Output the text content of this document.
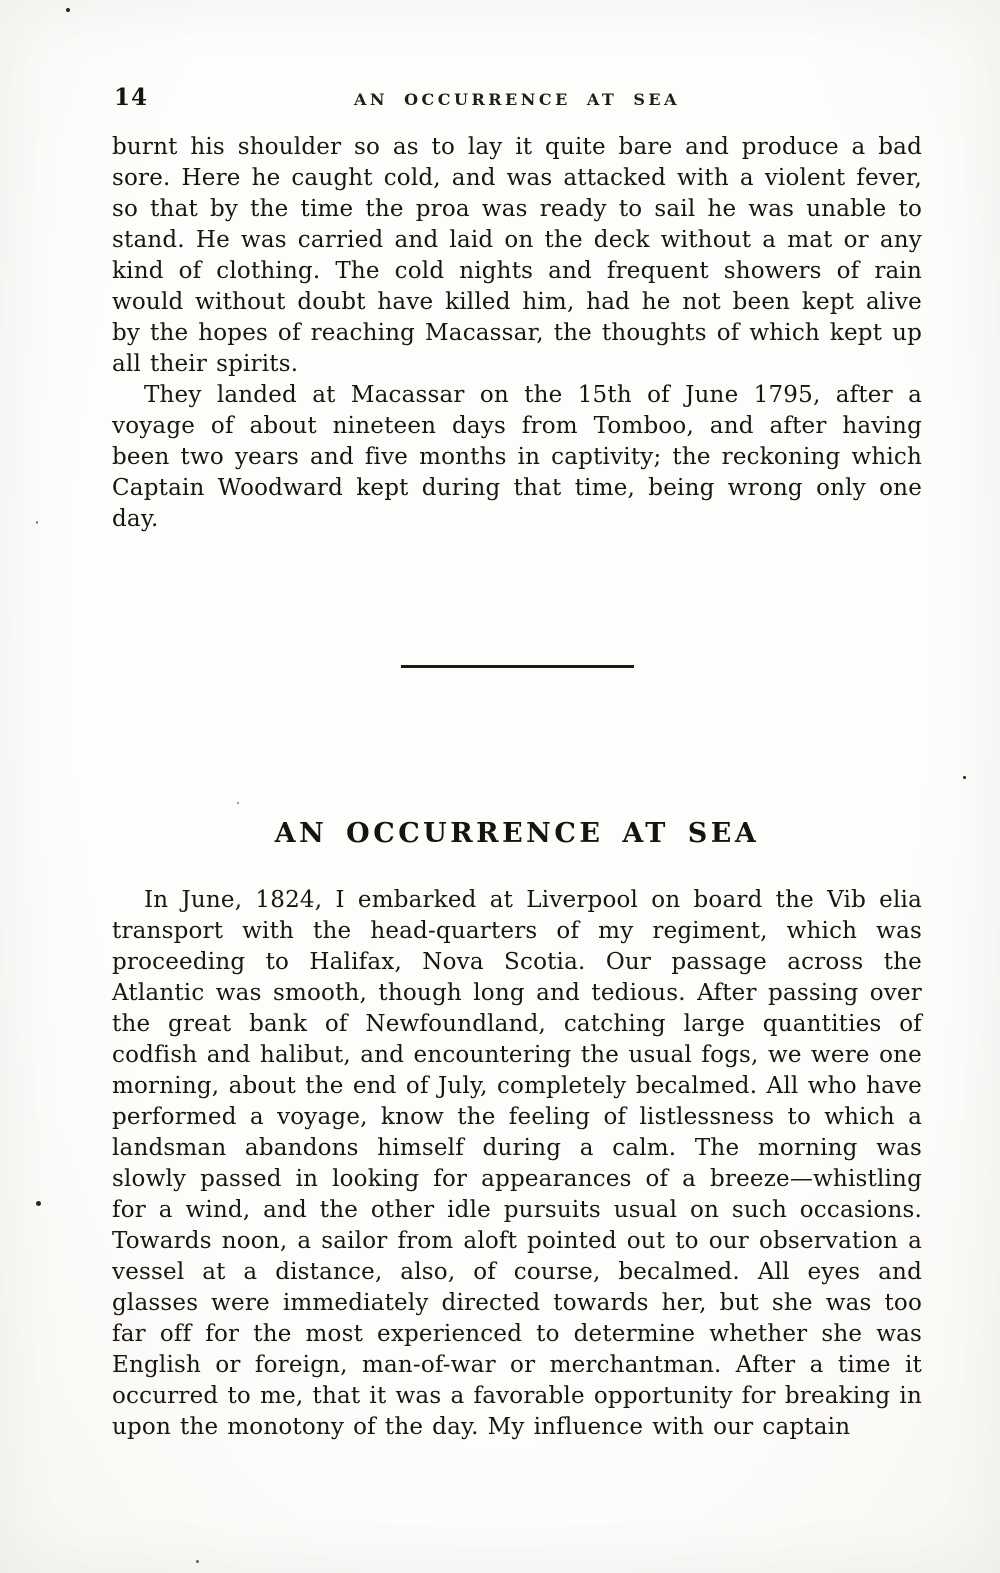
14	AN OCCURRENCE AT SEA

burnt his shoulder so as to lay it quite bare and produce a bad sore. Here he caught cold, and was attacked with a violent fever, so that by the time the proa was ready to sail he was unable to stand. He was carried and laid on the deck without a mat or any kind of clothing. The cold nights and frequent showers of rain would without doubt have killed him, had he not been kept alive by the hopes of reaching Macassar, the thoughts of which kept up all their spirits.

They landed at Macassar on the 15th of June 1795, after a voyage of about nineteen days from Tomboo, and after having been two years and five months in captivity; the reckoning which Captain Woodward kept during that time, being wrong only one day.

AN OCCURRENCE AT SEA

In June, 1824, I embarked at Liverpool on board the Vib elia transport with the head-quarters of my regiment, which was proceeding to Halifax, Nova Scotia. Our passage across the Atlantic was smooth, though long and tedious. After passing over the great bank of Newfoundland, catching large quantities of codfish and halibut, and encountering the usual fogs, we were one morning, about the end of July, completely becalmed. All who have performed a voyage, know the feeling of listlessness to which a landsman abandons himself during a calm. The morning was slowly passed in looking for appearances of a breeze—whistling for a wind, and the other idle pursuits usual on such occasions. Towards noon, a sailor from aloft pointed out to our observation a vessel at a distance, also, of course, becalmed. All eyes and glasses were immediately directed towards her, but she was too far off for the most experienced to determine whether she was English or foreign, man-of-war or merchantman. After a time it occurred to me, that it was a favorable opportunity for breaking in upon the monotony of the day. My influence with our captain
